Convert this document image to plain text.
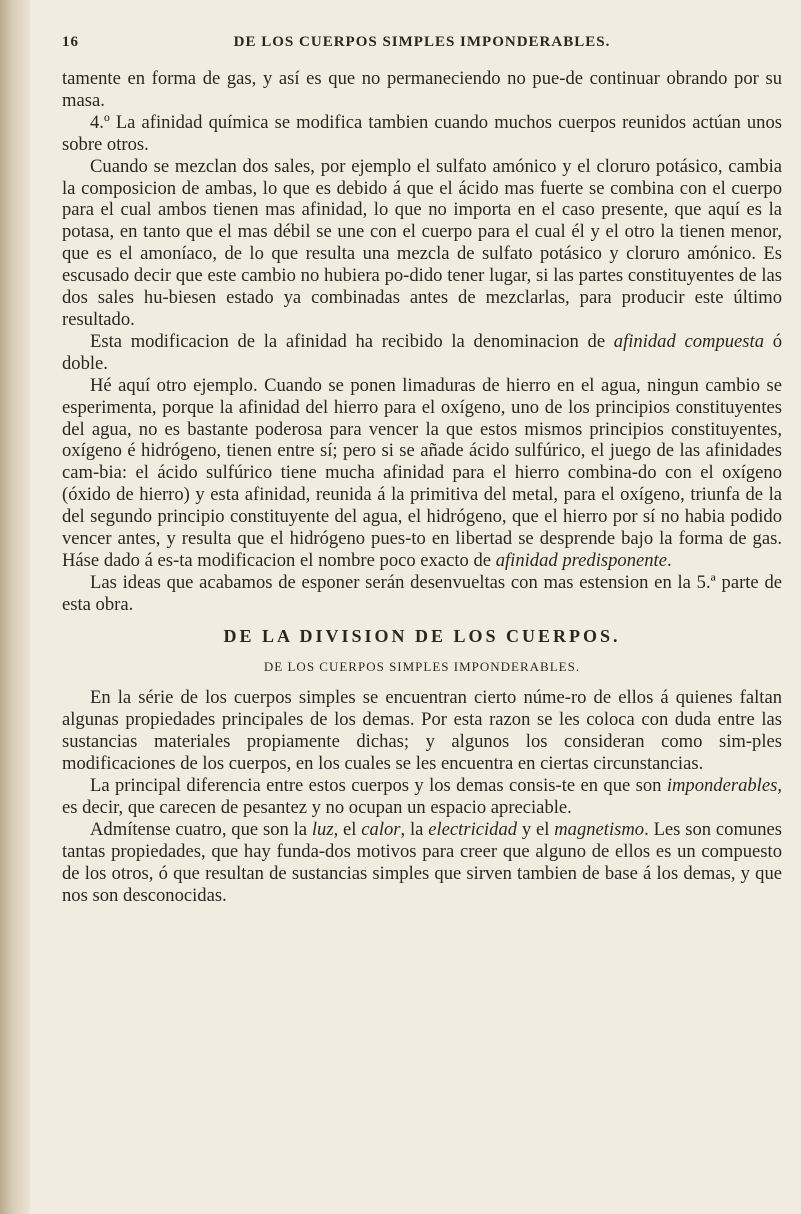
16	DE LOS CUERPOS SIMPLES IMPONDERABLES.

tamente en forma de gas, y así es que no permaneciendo no pue-de continuar obrando por su masa.

4.º La afinidad química se modifica tambien cuando muchos cuerpos reunidos actúan unos sobre otros.

Cuando se mezclan dos sales, por ejemplo el sulfato amónico y el cloruro potásico, cambia la composicion de ambas, lo que es debido á que el ácido mas fuerte se combina con el cuerpo para el cual ambos tienen mas afinidad, lo que no importa en el caso presente, que aquí es la potasa, en tanto que el mas débil se une con el cuerpo para el cual él y el otro la tienen menor, que es el amoníaco, de lo que resulta una mezcla de sulfato potásico y cloruro amónico. Es escusado decir que este cambio no hubiera po-dido tener lugar, si las partes constituyentes de las dos sales hu-biesen estado ya combinadas antes de mezclarlas, para producir este último resultado.

Esta modificacion de la afinidad ha recibido la denominacion de afinidad compuesta ó doble.

Hé aquí otro ejemplo. Cuando se ponen limaduras de hierro en el agua, ningun cambio se esperimenta, porque la afinidad del hierro para el oxígeno, uno de los principios constituyentes del agua, no es bastante poderosa para vencer la que estos mismos principios constituyentes, oxígeno é hidrógeno, tienen entre sí; pero si se añade ácido sulfúrico, el juego de las afinidades cam-bia: el ácido sulfúrico tiene mucha afinidad para el hierro combina-do con el oxígeno (óxido de hierro) y esta afinidad, reunida á la primitiva del metal, para el oxígeno, triunfa de la del segundo principio constituyente del agua, el hidrógeno, que el hierro por sí no habia podido vencer antes, y resulta que el hidrógeno pues-to en libertad se desprende bajo la forma de gas. Háse dado á es-ta modificacion el nombre poco exacto de afinidad predisponente.

Las ideas que acabamos de esponer serán desenvueltas con mas estension en la 5.ª parte de esta obra.

DE LA DIVISION DE LOS CUERPOS.
DE LOS CUERPOS SIMPLES IMPONDERABLES.

En la série de los cuerpos simples se encuentran cierto núme-ro de ellos á quienes faltan algunas propiedades principales de los demas. Por esta razon se les coloca con duda entre las sustancias materiales propiamente dichas; y algunos los consideran como sim-ples modificaciones de los cuerpos, en los cuales se les encuentra en ciertas circunstancias.

La principal diferencia entre estos cuerpos y los demas consis-te en que son imponderables, es decir, que carecen de pesantez y no ocupan un espacio apreciable.

Admítense cuatro, que son la luz, el calor, la electricidad y el magnetismo. Les son comunes tantas propiedades, que hay funda-dos motivos para creer que alguno de ellos es un compuesto de los otros, ó que resultan de sustancias simples que sirven tambien de base á los demas, y que nos son desconocidas.
